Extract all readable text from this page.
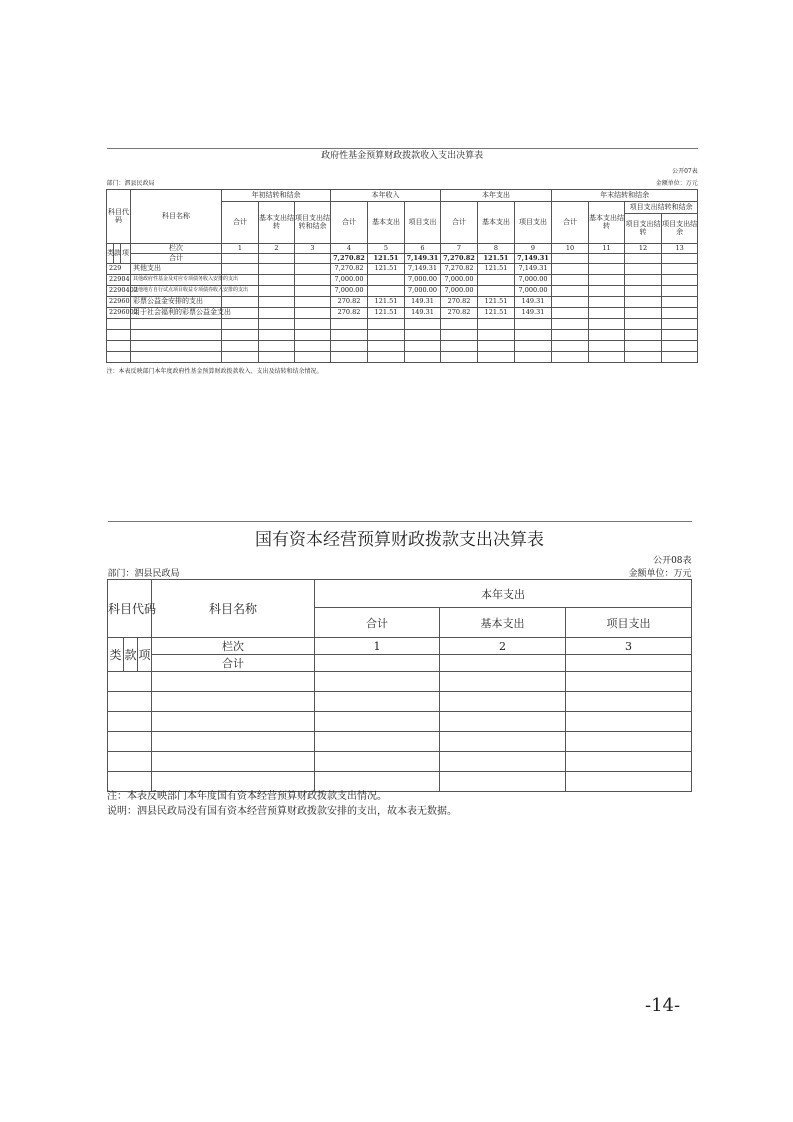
政府性基金预算财政拨款收入支出决算表																
公开07表																
部门：泗县民政局								金额单位：万元								
科目代码			科目名称	年初结转和结余			本年收入			本年支出			年末结转和结余			
				合计	基本支出结转	项目支出结转和结余	合计	基本支出	项目支出	合计	基本支出	项目支出	合计	基本支出结转	项目支出结转和结余	
															项目支出结转	项目支出结余
类	款	项	栏次	1	2	3	4	5	6	7	8	9	10	11	12	13
			合计				7,270.82	121.51	7,149.31	7,270.82	121.51	7,149.31				
229			其他支出				7,270.82	121.51	7,149.31	7,270.82	121.51	7,149.31				
22904			其他政府性基金及对应专项债务收入安排的支出				7,000.00		7,000.00	7,000.00		7,000.00				
2290402			其他地方自行试点项目收益专项债券收入安排的支出				7,000.00		7,000.00	7,000.00		7,000.00				
22960			彩票公益金安排的支出				270.82	121.51	149.31	270.82	121.51	149.31				
2296002			用于社会福利的彩票公益金支出				270.82	121.51	149.31	270.82	121.51	149.31				

注：本表反映部门本年度政府性基金预算财政拨款收入、支出及结转和结余情况。																
国有资本经营预算财政拨款支出决算表						
公开08表						
部门：泗县民政局				金额单位：万元		
科目代码			科目名称	本年支出		
				合计	基本支出	项目支出
类	款	项	栏次	1	2	3
			合计			

注：本表反映部门本年度国有资本经营预算财政拨款支出情况。
说明：泗县民政局没有国有资本经营预算财政拨款安排的支出，故本表无数据。
-14-
